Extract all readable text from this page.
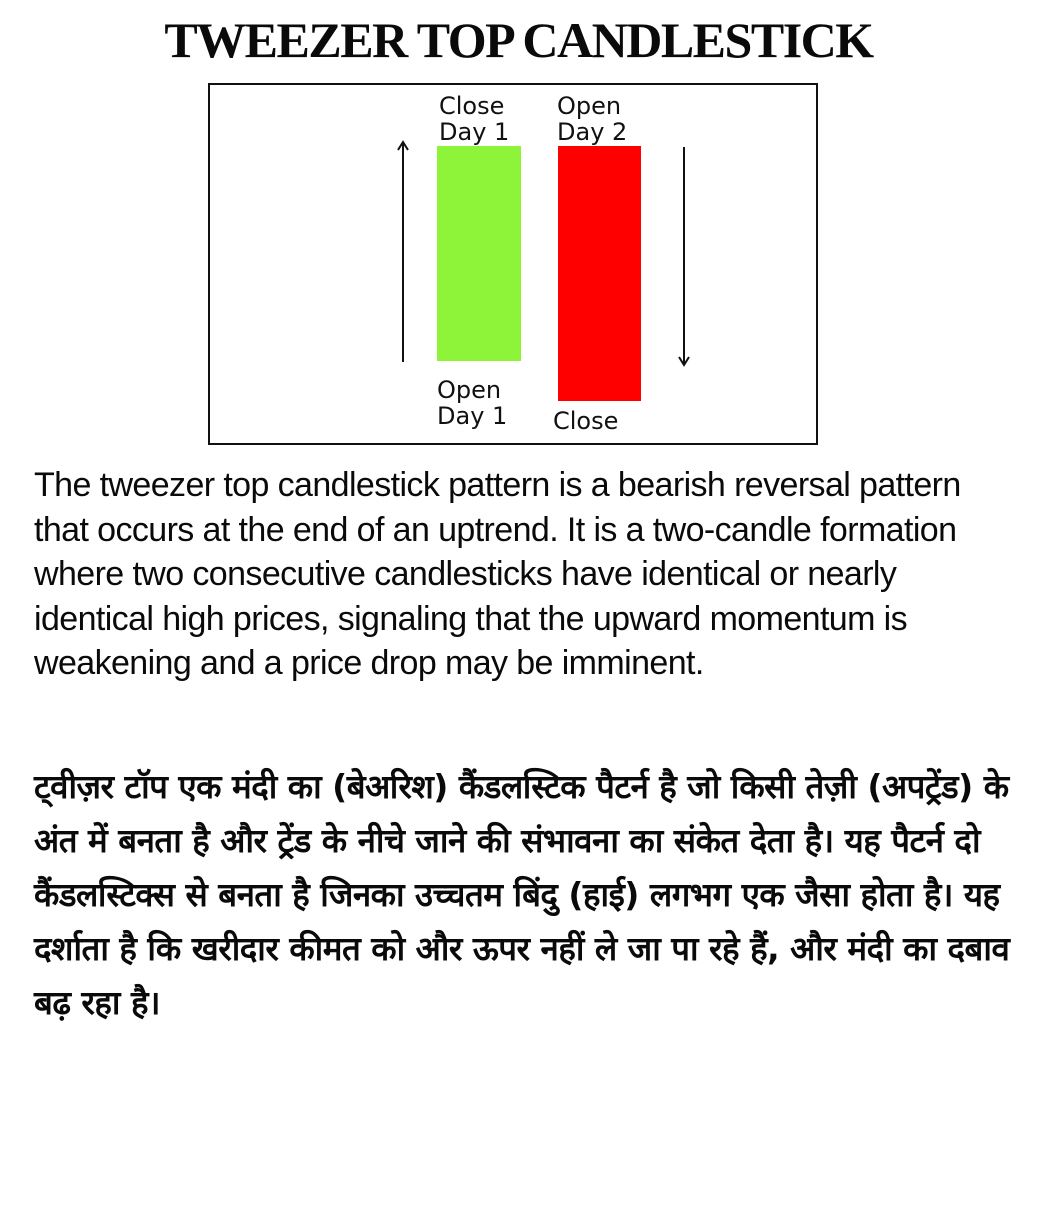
TWEEZER TOP CANDLESTICK
Close
Day 1
Open
Day 2
Open
Day 1 Close

The tweezer top candlestick pattern is a bearish reversal pattern that occurs at the end of an uptrend. It is a two-candle formation where two consecutive candlesticks have identical or nearly identical high prices, signaling that the upward momentum is weakening and a price drop may be imminent.

ट्वीज़र टॉप एक मंदी का (बेअरिश) कैंडलस्टिक पैटर्न है जो किसी तेज़ी (अपट्रेंड) के अंत में बनता है और ट्रेंड के नीचे जाने की संभावना का संकेत देता है। यह पैटर्न दो कैंडलस्टिक्स से बनता है जिनका उच्चतम बिंदु (हाई) लगभग एक जैसा होता है। यह दर्शाता है कि खरीदार कीमत को और ऊपर नहीं ले जा पा रहे हैं, और मंदी का दबाव बढ़ रहा है।
